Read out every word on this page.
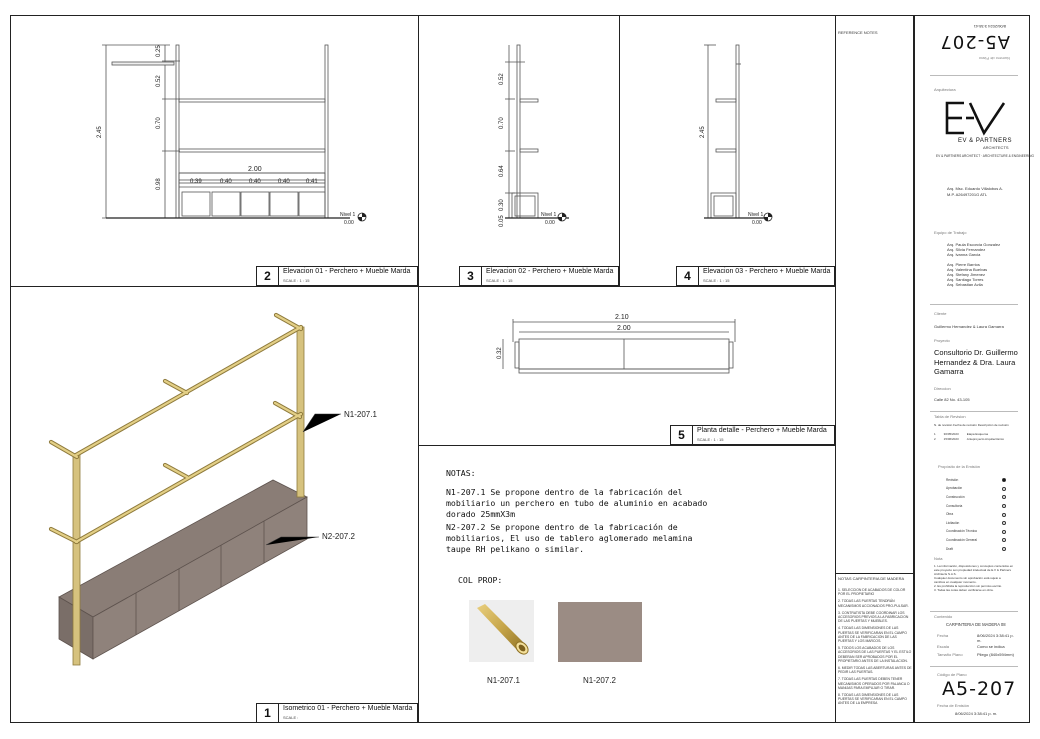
2	Elevacion 01 - Perchero + Mueble Marda
SCALE : 1 : 15	3	Elevacion 02 - Perchero + Mueble Marda
SCALE : 1 : 15	4	Elevacion 03 - Perchero + Mueble Marda
SCALE : 1 : 15
5	Planta detalle - Perchero + Mueble Marda
SCALE : 1 : 15
1	Isometrico 01 - Perchero + Mueble Marda
SCALE :
0.25
0.52
0.70
0.98
2.45
2.00
0.39	0.40	0.40	0.40	0.41
Nivel 1
0.00
0.52
0.70
0.64
0.30
0.05
Nivel 1
0.00
2.45
Nivel 1
0.00
2.10
2.00
0.32
N1-207.1
N2-207.2
NOTAS:
N1-207.1 Se propone dentro de la fabricación del mobiliario un perchero en tubo de aluminio en acabado dorado 25mmX3m
N2-207.2 Se propone dentro de la fabricación de mobiliarios, El uso de tablero aglomerado melamina taupe RH pelikano o similar.
COL PROP:
N1-207.1	N1-207.2
REFERENCE NOTES
NOTAS CARPINTERIA DE MADERA
1. SELECCION DE ACABADOS DE COLOR POR EL PROPIETARIO
2. TODAS LAS PUERTAS TENDRÁN MECANISMOS ACCIONADOS PRO-PULSAR.
3. CONTRATISTA DEBE COORDINAR LOS ACCESORIOS PREVIOS A LA FABRICACION DE LAS PUERTAS Y MUEBLES.
4. TODAS LAS DIMENSIONES DE LAS PUERTAS SE VERIFICARAN EN EL CAMPO ANTES DE LA FABRICACION DE LAS PUERTAS Y LOS MARCOS.
5. TODOS LOS ACABADOS DE LOS ACCESORIOS DE LAS PUERTAS Y EL ESTILO DEBERAN SER APROBADOS POR EL PROPIETARIO ANTES DE LA INSTALACION.
6. MEDIR TODAS LAS ABERTURAS ANTES DE PEDIR LAS PUERTAS.
7. TODAS LAS PUERTAS DEBEN TENER MECANISMOS OPERADOS POR PALANCA O MANIJAS PARA EMPUJAR O TIRAR.
8. TODAS LAS DIMENSIONES DE LAS PUERTAS SE VERIFICARAN EN EL CAMPO ANTES DE LA EMPRESA
8/06/2024 3:38:41
A5-207
Numero de Plano
Arquitectura
EV & PARTNERS
ARCHITECTS
EV & PARTNERS ARCHITECT · ARCHITECTURE & ENGINEERING
Arq. Msc. Eduardo Villalobos A.
M.P. A26497201G ATL
Equipo de Trabajo
Arq. Paula Escorcia Gonzalez
Arq. Silvia Fernandez
Arq. Ivanna Garcia
Arq. Pierre Barrios
Arq. Valentina Buelvas
Arq. Stefany Jimenez
Arq. Santiago Torres
Arq. Sebastian Avila
Cliente
Guillermo Hernandez & Laura Gamarra
Proyecto
Consultorio Dr. Guillermo Hernandez & Dra. Laura Gamarra
Direccion
Calle 82 No. 43-105
Tabla de Revision
N. de revisión Fecha de revisión Descripción de revisión
1	30/05/2023	Etapa Esquema
2	15/06/2023	Anteproyecto Arquitectónico
Propósito de la Emisión
Revisión
Aprobación
Construcción
Consultoría
Obra
Licitación
Coordinación Técnica
Coordinación General
Draft
Nota
1. La información, disposiciones y conceptos contenidos en
este proyecto son propiedad intelectual de E.V & Partners
Architects S.A.S.
Cualquier documento sin aprobación está sujeto a
cambios en cualquier momento.
2. Es prohibida la reproducción sin permiso escrito.
3. Todas las cotas deben verificarse en obra.
Contenido
CARPINTERIA DE MADERA 08
Fecha	8/06/2024 3:38:41 p. m.
Escala	Como se indica
Tamaño Plano	Pliego (840x594mm)
Código de Plano
A5-207
Fecha de Emisión
8/06/2024 3:38:41 p. m.
